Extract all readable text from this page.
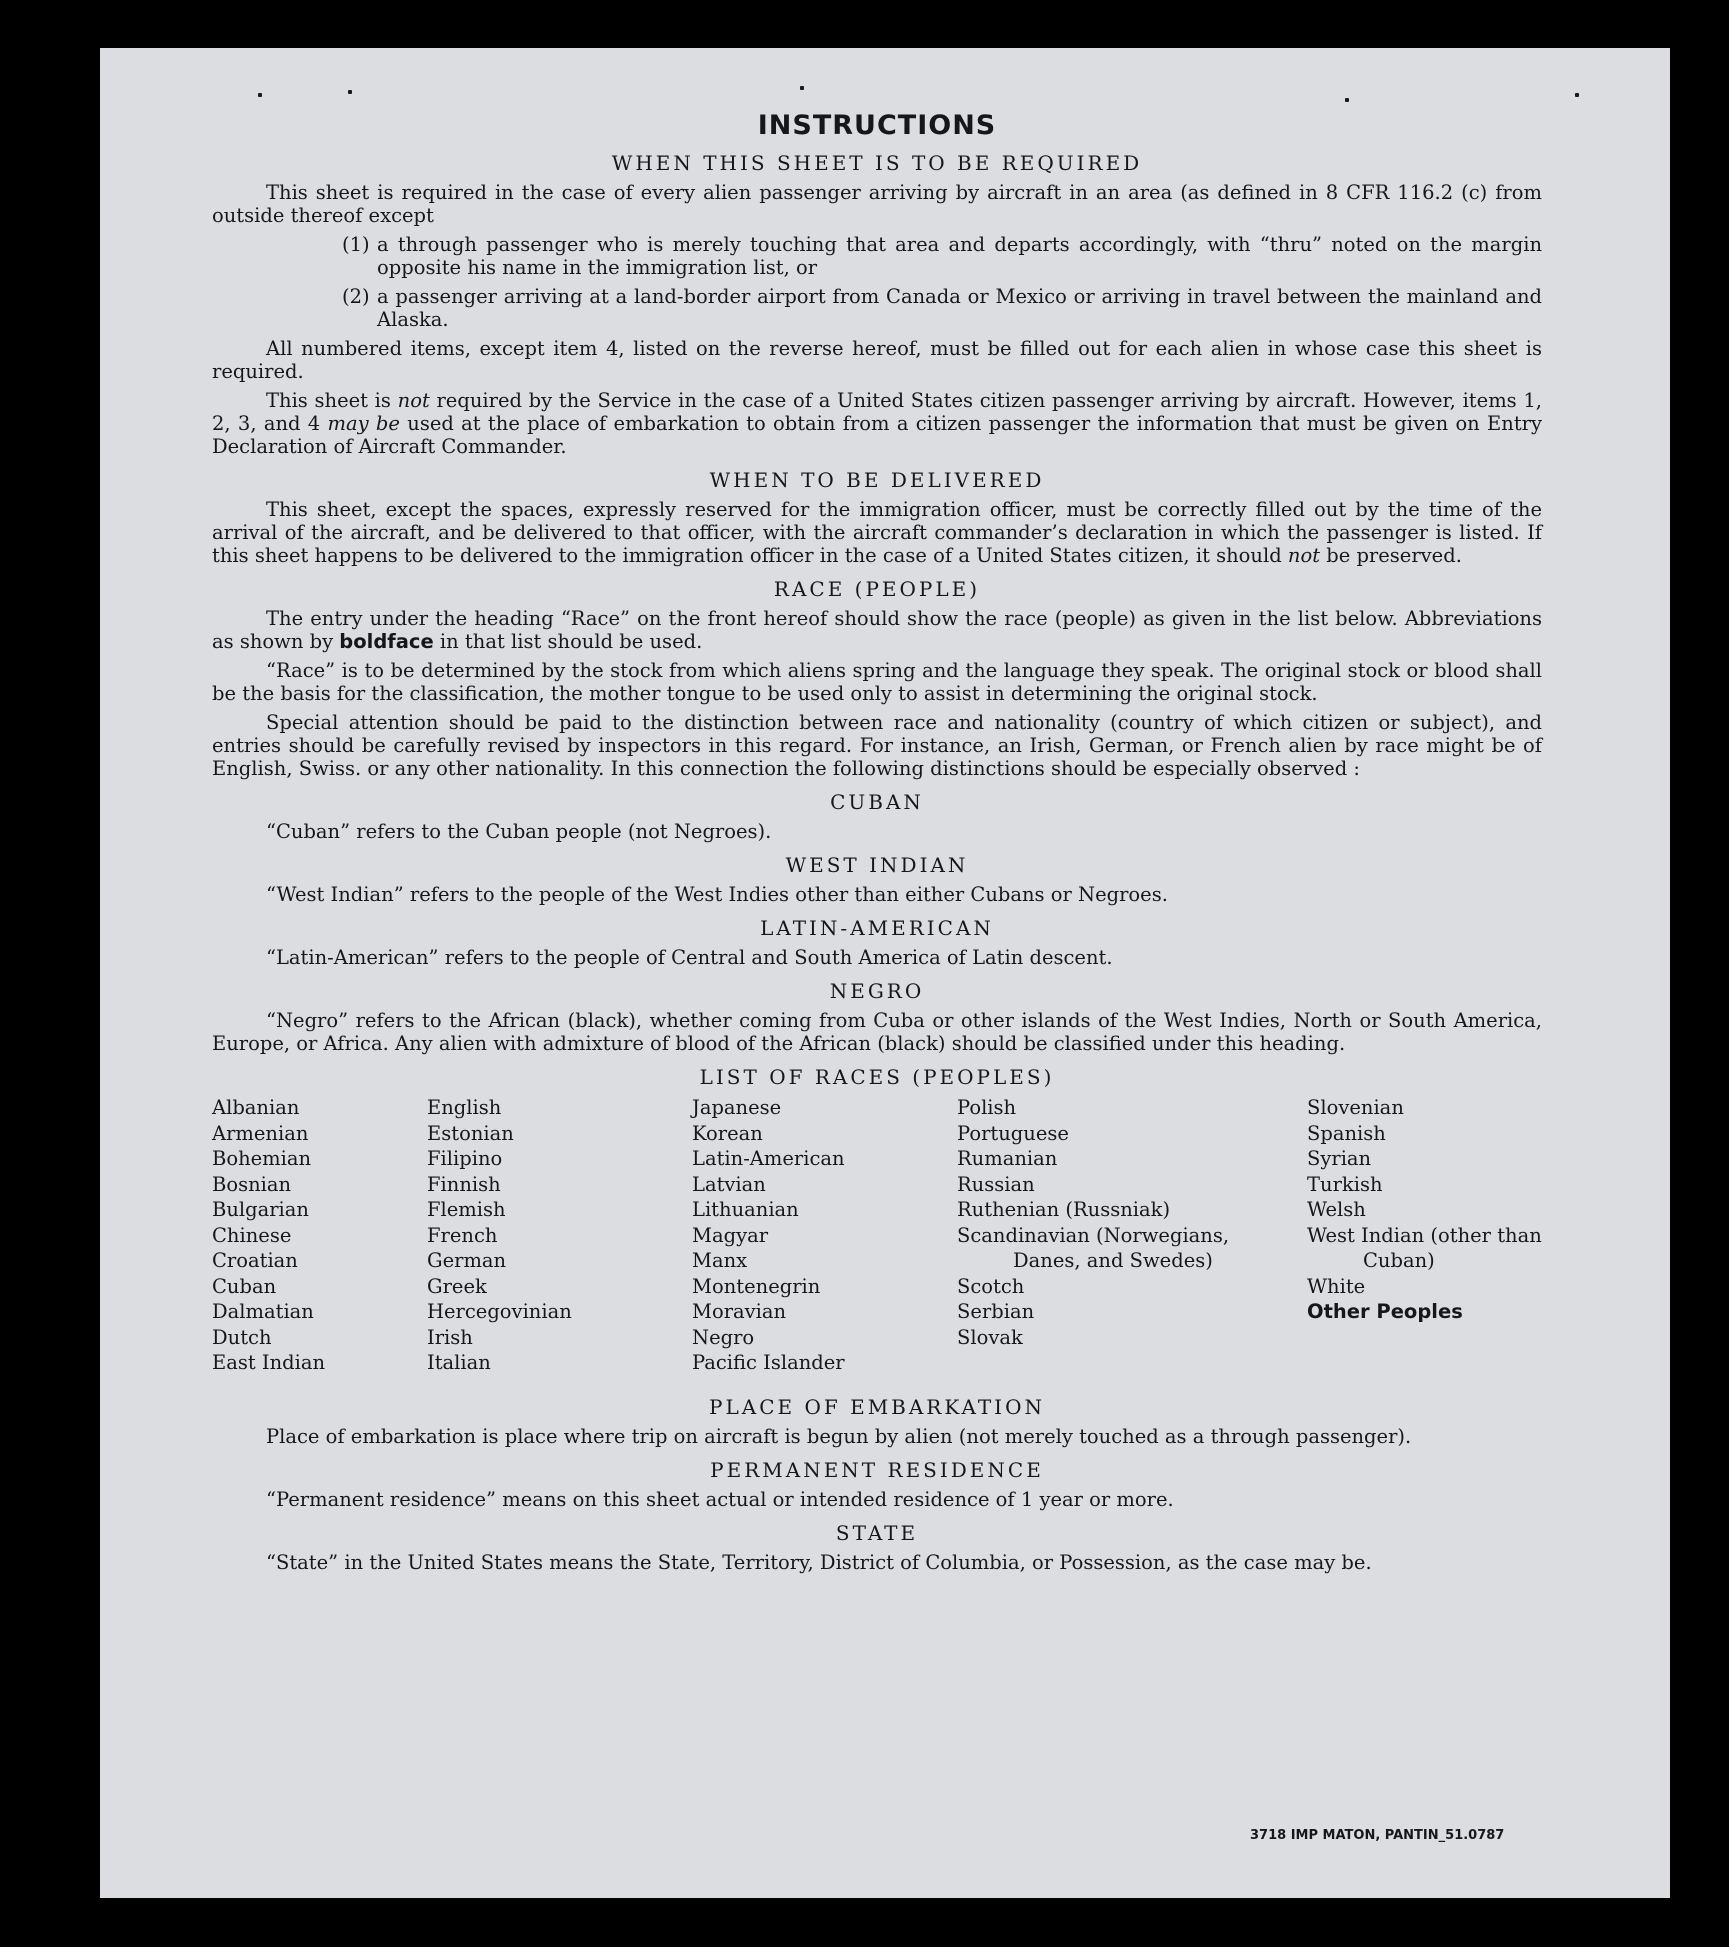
INSTRUCTIONS
WHEN THIS SHEET IS TO BE REQUIRED

This sheet is required in the case of every alien passenger arriving by aircraft in an area (as defined in 8 CFR 116.2 (c) from outside thereof except

(1) a through passenger who is merely touching that area and departs accordingly, with “thru” noted on the margin opposite his name in the immigration list, or
(2) a passenger arriving at a land-border airport from Canada or Mexico or arriving in travel between the mainland and Alaska.

All numbered items, except item 4, listed on the reverse hereof, must be filled out for each alien in whose case this sheet is required.

This sheet is not required by the Service in the case of a United States citizen passenger arriving by aircraft. However, items 1, 2, 3, and 4 may be used at the place of embarkation to obtain from a citizen passenger the information that must be given on Entry Declaration of Aircraft Commander.

WHEN TO BE DELIVERED

This sheet, except the spaces, expressly reserved for the immigration officer, must be correctly filled out by the time of the arrival of the aircraft, and be delivered to that officer, with the aircraft commander’s declaration in which the passenger is listed. If this sheet happens to be delivered to the immigration officer in the case of a United States citizen, it should not be preserved.

RACE (PEOPLE)

The entry under the heading “Race” on the front hereof should show the race (people) as given in the list below. Abbreviations as shown by boldface in that list should be used.

“Race” is to be determined by the stock from which aliens spring and the language they speak. The original stock or blood shall be the basis for the classification, the mother tongue to be used only to assist in determining the original stock.

Special attention should be paid to the distinction between race and nationality (country of which citizen or subject), and entries should be carefully revised by inspectors in this regard. For instance, an Irish, German, or French alien by race might be of English, Swiss. or any other nationality. In this connection the following distinctions should be especially observed :

CUBAN

“Cuban” refers to the Cuban people (not Negroes).

WEST INDIAN

“West Indian” refers to the people of the West Indies other than either Cubans or Negroes.

LATIN-AMERICAN

“Latin-American” refers to the people of Central and South America of Latin descent.

NEGRO

“Negro” refers to the African (black), whether coming from Cuba or other islands of the West Indies, North or South America, Europe, or Africa. Any alien with admixture of blood of the African (black) should be classified under this heading.

LIST OF RACES (PEOPLES)
Albanian
Armenian
Bohemian
Bosnian
Bulgarian
Chinese
Croatian
Cuban
Dalmatian
Dutch
East Indian
English
Estonian
Filipino
Finnish
Flemish
French
German
Greek
Hercegovinian
Irish
Italian
Japanese
Korean
Latin-American
Latvian
Lithuanian
Magyar
Manx
Montenegrin
Moravian
Negro
Pacific Islander
Polish
Portuguese
Rumanian
Russian
Ruthenian (Russniak)
Scandinavian (Norwegians, Danes, and Swedes)
Scotch
Serbian
Slovak
Slovenian
Spanish
Syrian
Turkish
Welsh
West Indian (other than Cuban)
White
Other Peoples
PLACE OF EMBARKATION

Place of embarkation is place where trip on aircraft is begun by alien (not merely touched as a through passenger).

PERMANENT RESIDENCE

“Permanent residence” means on this sheet actual or intended residence of 1 year or more.

STATE

“State” in the United States means the State, Territory, District of Columbia, or Possession, as the case may be.

3718 IMP MATON, PANTIN_51.0787
